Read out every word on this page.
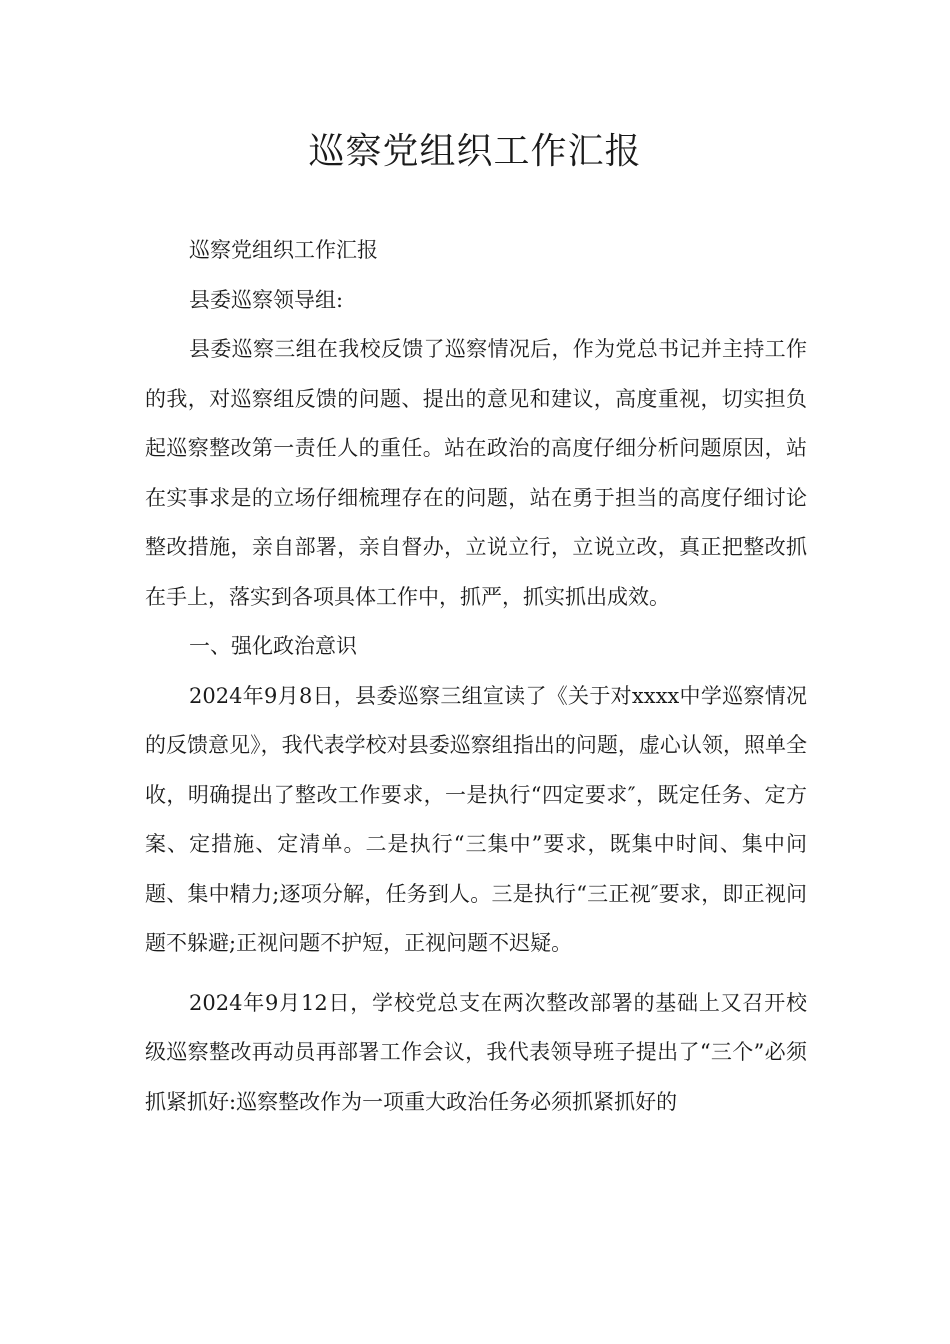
巡察党组织工作汇报

巡察党组织工作汇报

县委巡察领导组:

县委巡察三组在我校反馈了巡察情况后，作为党总书记并主持工作的我，对巡察组反馈的问题、提出的意见和建议，高度重视，切实担负起巡察整改第一责任人的重任。站在政治的高度仔细分析问题原因，站在实事求是的立场仔细梳理存在的问题，站在勇于担当的高度仔细讨论整改措施，亲自部署，亲自督办，立说立行，立说立改，真正把整改抓在手上，落实到各项具体工作中，抓严，抓实抓出成效。

一、强化政治意识

2024年9月8日，县委巡察三组宣读了《关于对xxxx中学巡察情况的反馈意见》，我代表学校对县委巡察组指出的问题，虚心认领，照单全收，明确提出了整改工作要求，一是执行“四定要求″，既定任务、定方案、定措施、定清单。二是执行“三集中”要求，既集中时间、集中问题、集中精力;逐项分解，任务到人。三是执行“三正视″要求，即正视问题不躲避;正视问题不护短，正视问题不迟疑。

2024年9月12日，学校党总支在两次整改部署的基础上又召开校级巡察整改再动员再部署工作会议，我代表领导班子提出了“三个”必须抓紧抓好:巡察整改作为一项重大政治任务必须抓紧抓好的
